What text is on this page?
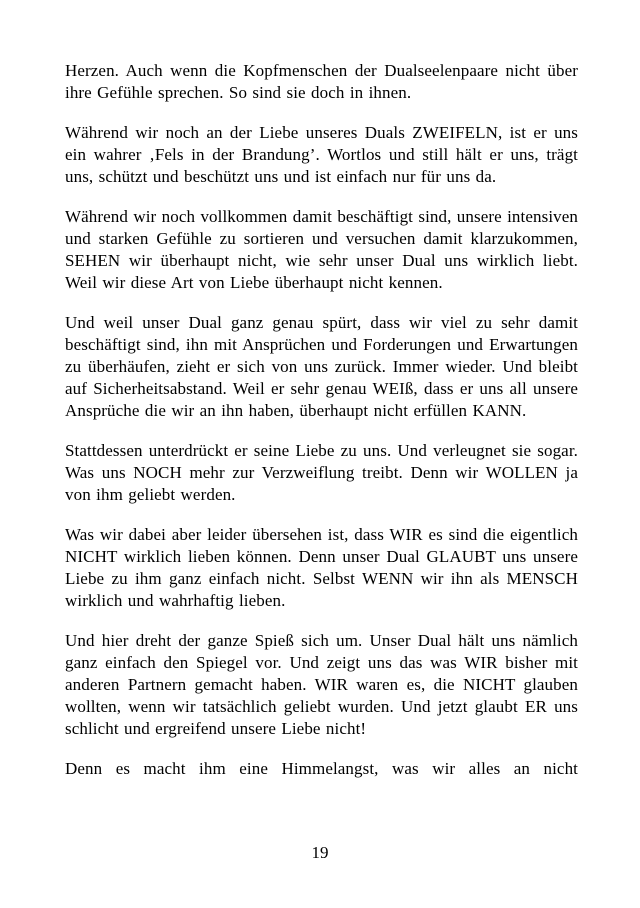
Herzen. Auch wenn die Kopfmenschen der Dualseelenpaare nicht über ihre Gefühle sprechen. So sind sie doch in ihnen.

Während wir noch an der Liebe unseres Duals ZWEIFELN, ist er uns ein wahrer ‚Fels in der Brandung’. Wortlos und still hält er uns, trägt uns, schützt und beschützt uns und ist einfach nur für uns da.

Während wir noch vollkommen damit beschäftigt sind, unsere intensiven und starken Gefühle zu sortieren und versuchen damit klarzukommen, SEHEN wir überhaupt nicht, wie sehr unser Dual uns wirklich liebt. Weil wir diese Art von Liebe überhaupt nicht kennen.

Und weil unser Dual ganz genau spürt, dass wir viel zu sehr damit beschäftigt sind, ihn mit Ansprüchen und Forderungen und Erwartungen zu überhäufen, zieht er sich von uns zurück. Immer wieder. Und bleibt auf Sicherheitsabstand. Weil er sehr genau WEIß, dass er uns all unsere Ansprüche die wir an ihn haben, überhaupt nicht erfüllen KANN.

Stattdessen unterdrückt er seine Liebe zu uns. Und verleugnet sie sogar. Was uns NOCH mehr zur Verzweiflung treibt. Denn wir WOLLEN ja von ihm geliebt werden.

Was wir dabei aber leider übersehen ist, dass WIR es sind die eigentlich NICHT wirklich lieben können. Denn unser Dual GLAUBT uns unsere Liebe zu ihm ganz einfach nicht. Selbst WENN wir ihn als MENSCH wirklich und wahrhaftig lieben.

Und hier dreht der ganze Spieß sich um. Unser Dual hält uns nämlich ganz einfach den Spiegel vor. Und zeigt uns das was WIR bisher mit anderen Partnern gemacht haben. WIR waren es, die NICHT glauben wollten, wenn wir tatsächlich geliebt wurden. Und jetzt glaubt ER uns schlicht und ergreifend unsere Liebe nicht!

Denn es macht ihm eine Himmelangst, was wir alles an nicht

19
